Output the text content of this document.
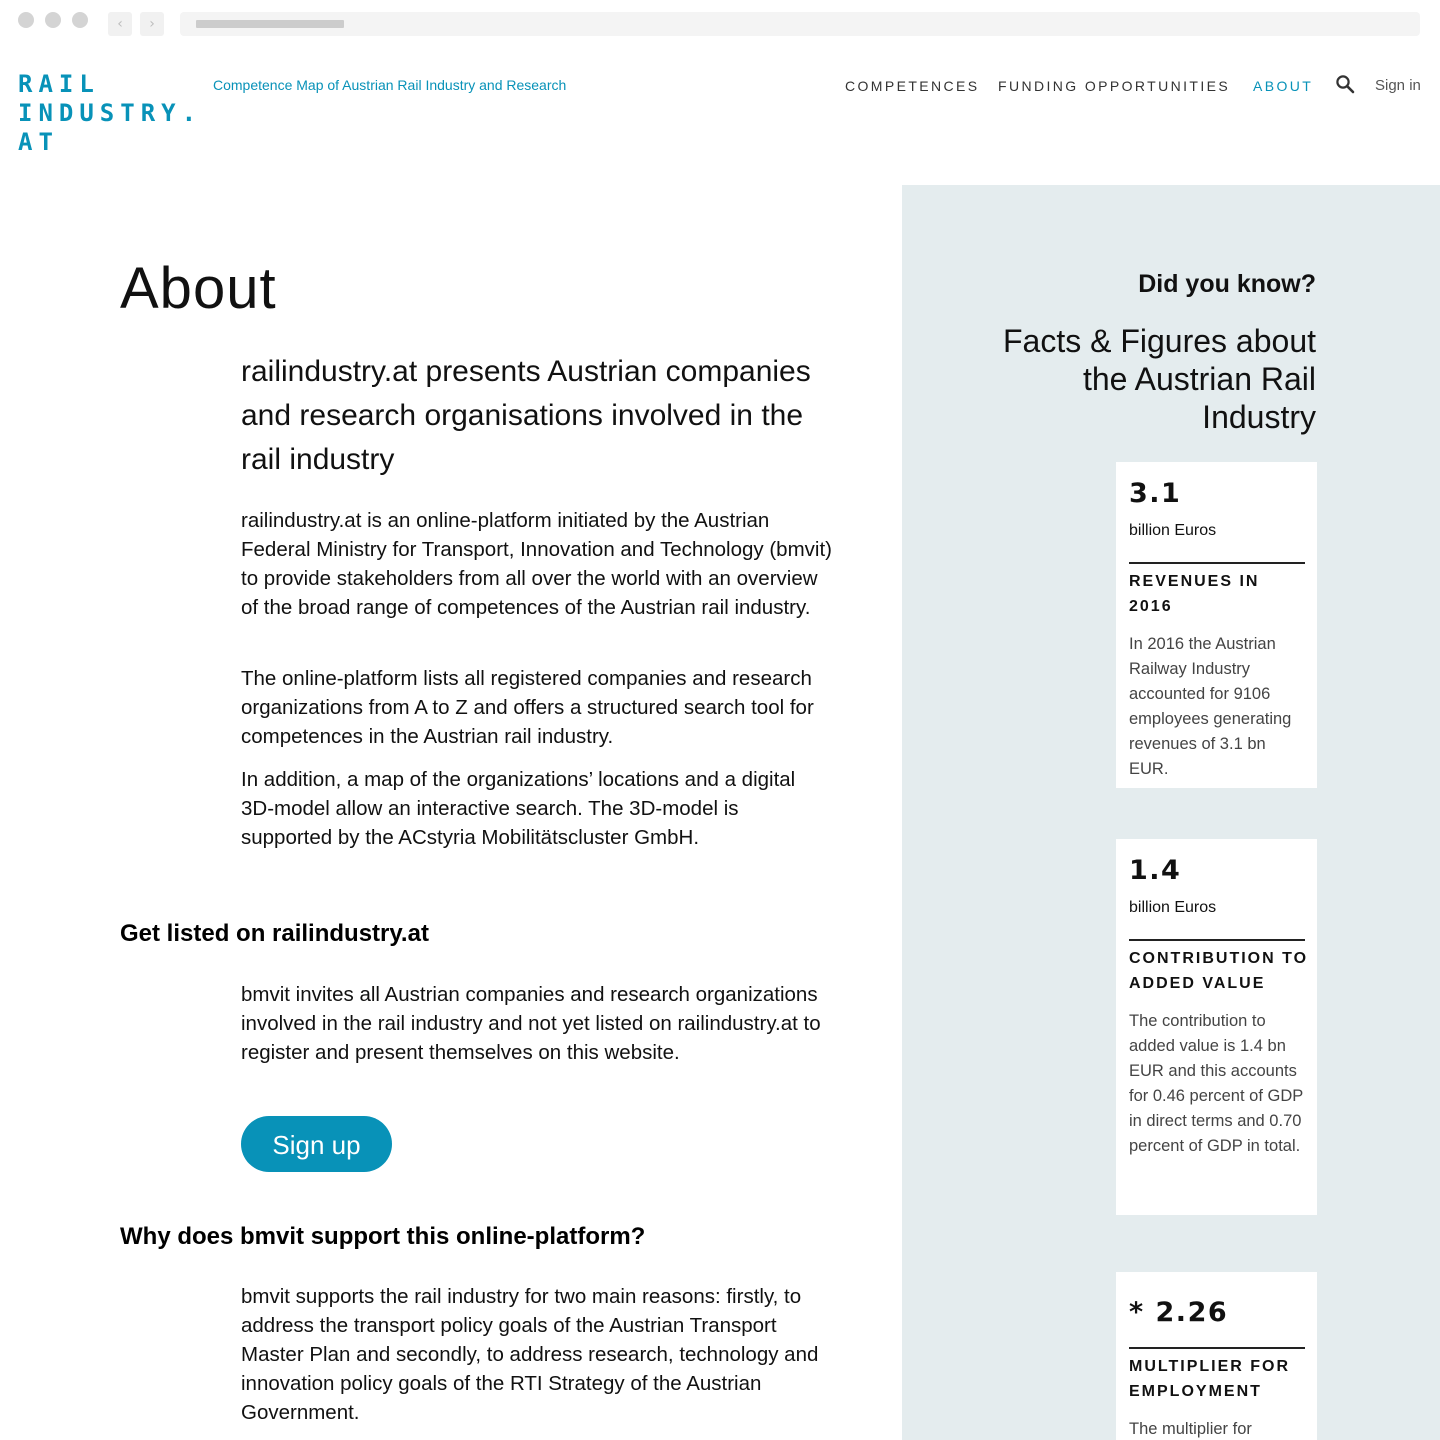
‹	›
RAIL
INDUSTRY.
AT
Competence Map of Austrian Rail Industry and Research	COMPETENCES FUNDING OPPORTUNITIES ABOUT	Sign in
About
railindustry.at presents Austrian companies and research organisations involved in the rail industry

railindustry.at is an online-platform initiated by the Austrian Federal Ministry for Transport, Innovation and Technology (bmvit) to provide stakeholders from all over the world with an overview of the broad range of competences of the Austrian rail industry.

The online-platform lists all registered companies and research organizations from A to Z and offers a structured search tool for competences in the Austrian rail industry.

In addition, a map of the organizations’ locations and a digital 3D-model allow an interactive search. The 3D-model is supported by the ACstyria Mobilitätscluster GmbH.

Get listed on railindustry.at

bmvit invites all Austrian companies and research organizations involved in the rail industry and not yet listed on railindustry.at to register and present themselves on this website.

Sign up
Why does bmvit support this online-platform?

bmvit supports the rail industry for two main reasons: firstly, to address the transport policy goals of the Austrian Transport Master Plan and secondly, to address research, technology and innovation policy goals of the RTI Strategy of the Austrian Government.

Did you know?
Facts & Figures about the Austrian Rail Industry
3.1
billion Euros
REVENUES IN 2016
In 2016 the Austrian Railway Industry accounted for 9106 employees generating revenues of 3.1 bn EUR.
1.4
billion Euros
CONTRIBUTION TO ADDED VALUE
The contribution to added value is 1.4 bn EUR and this accounts for 0.46 percent of GDP in direct terms and 0.70 percent of GDP in total.
* 2.26
MULTIPLIER FOR EMPLOYMENT
The multiplier for
